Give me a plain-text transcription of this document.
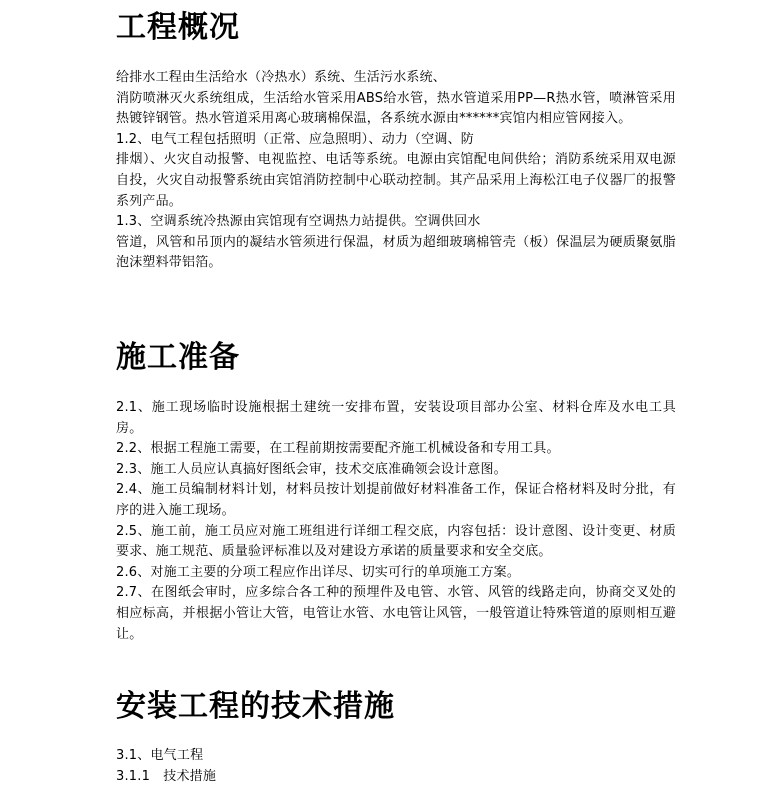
工程概况

给排水工程由生活给水（冷热水）系统、生活污水系统、

消防喷淋灭火系统组成，生活给水管采用ABS给水管，热水管道采用PP—R热水管，喷淋管采用热镀锌钢管。热水管道采用离心玻璃棉保温，各系统水源由******宾馆内相应管网接入。

1.2、电气工程包括照明（正常、应急照明）、动力（空调、防

排烟）、火灾自动报警、电视监控、电话等系统。电源由宾馆配电间供给；消防系统采用双电源自投，火灾自动报警系统由宾馆消防控制中心联动控制。其产品采用上海松江电子仪器厂的报警系列产品。

1.3、空调系统冷热源由宾馆现有空调热力站提供。空调供回水

管道，风管和吊顶内的凝结水管须进行保温，材质为超细玻璃棉管壳（板）保温层为硬质聚氨脂泡沫塑料带铝箔。

施工准备

2.1、施工现场临时设施根据土建统一安排布置，安装设项目部办公室、材料仓库及水电工具房。

2.2、根据工程施工需要，在工程前期按需要配齐施工机械设备和专用工具。

2.3、施工人员应认真搞好图纸会审，技术交底准确领会设计意图。

2.4、施工员编制材料计划，材料员按计划提前做好材料准备工作，保证合格材料及时分批，有序的进入施工现场。

2.5、施工前，施工员应对施工班组进行详细工程交底，内容包括：设计意图、设计变更、材质要求、施工规范、质量验评标准以及对建设方承诺的质量要求和安全交底。

2.6、对施工主要的分项工程应作出详尽、切实可行的单项施工方案。

2.7、在图纸会审时，应多综合各工种的预埋件及电管、水管、风管的线路走向，协商交叉处的相应标高，并根据小管让大管，电管让水管、水电管让风管，一般管道让特殊管道的原则相互避让。

安装工程的技术措施

3.1、电气工程

3.1.1　技术措施
